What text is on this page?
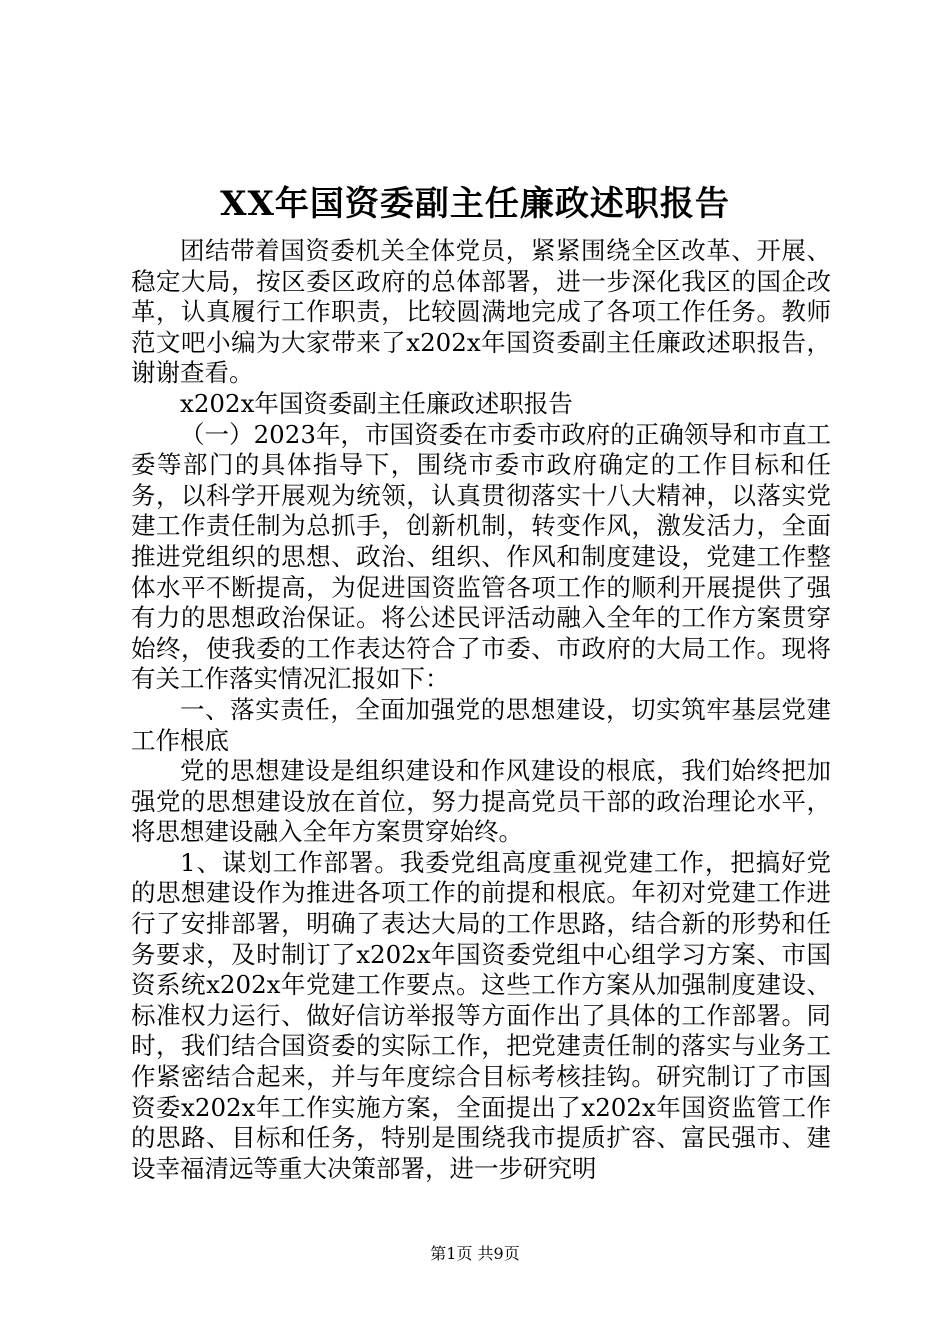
XX年国资委副主任廉政述职报告

团结带着国资委机关全体党员，紧紧围绕全区改革、开展、稳定大局，按区委区政府的总体部署，进一步深化我区的国企改革，认真履行工作职责，比较圆满地完成了各项工作任务。教师范文吧小编为大家带来了x202x年国资委副主任廉政述职报告，谢谢查看。

x202x年国资委副主任廉政述职报告

（一）2023年，市国资委在市委市政府的正确领导和市直工委等部门的具体指导下，围绕市委市政府确定的工作目标和任务，以科学开展观为统领，认真贯彻落实十八大精神，以落实党建工作责任制为总抓手，创新机制，转变作风，激发活力，全面推进党组织的思想、政治、组织、作风和制度建设，党建工作整体水平不断提高，为促进国资监管各项工作的顺利开展提供了强有力的思想政治保证。将公述民评活动融入全年的工作方案贯穿始终，使我委的工作表达符合了市委、市政府的大局工作。现将有关工作落实情况汇报如下：

一、落实责任，全面加强党的思想建设，切实筑牢基层党建工作根底

党的思想建设是组织建设和作风建设的根底，我们始终把加强党的思想建设放在首位，努力提高党员干部的政治理论水平，将思想建设融入全年方案贯穿始终。

1、谋划工作部署。我委党组高度重视党建工作，把搞好党的思想建设作为推进各项工作的前提和根底。年初对党建工作进行了安排部署，明确了表达大局的工作思路，结合新的形势和任务要求，及时制订了x202x年国资委党组中心组学习方案、市国资系统x202x年党建工作要点。这些工作方案从加强制度建设、标准权力运行、做好信访举报等方面作出了具体的工作部署。同时，我们结合国资委的实际工作，把党建责任制的落实与业务工作紧密结合起来，并与年度综合目标考核挂钩。研究制订了市国资委x202x年工作实施方案，全面提出了x202x年国资监管工作的思路、目标和任务，特别是围绕我市提质扩容、富民强市、建设幸福清远等重大决策部署，进一步研究明

第1页 共9页
